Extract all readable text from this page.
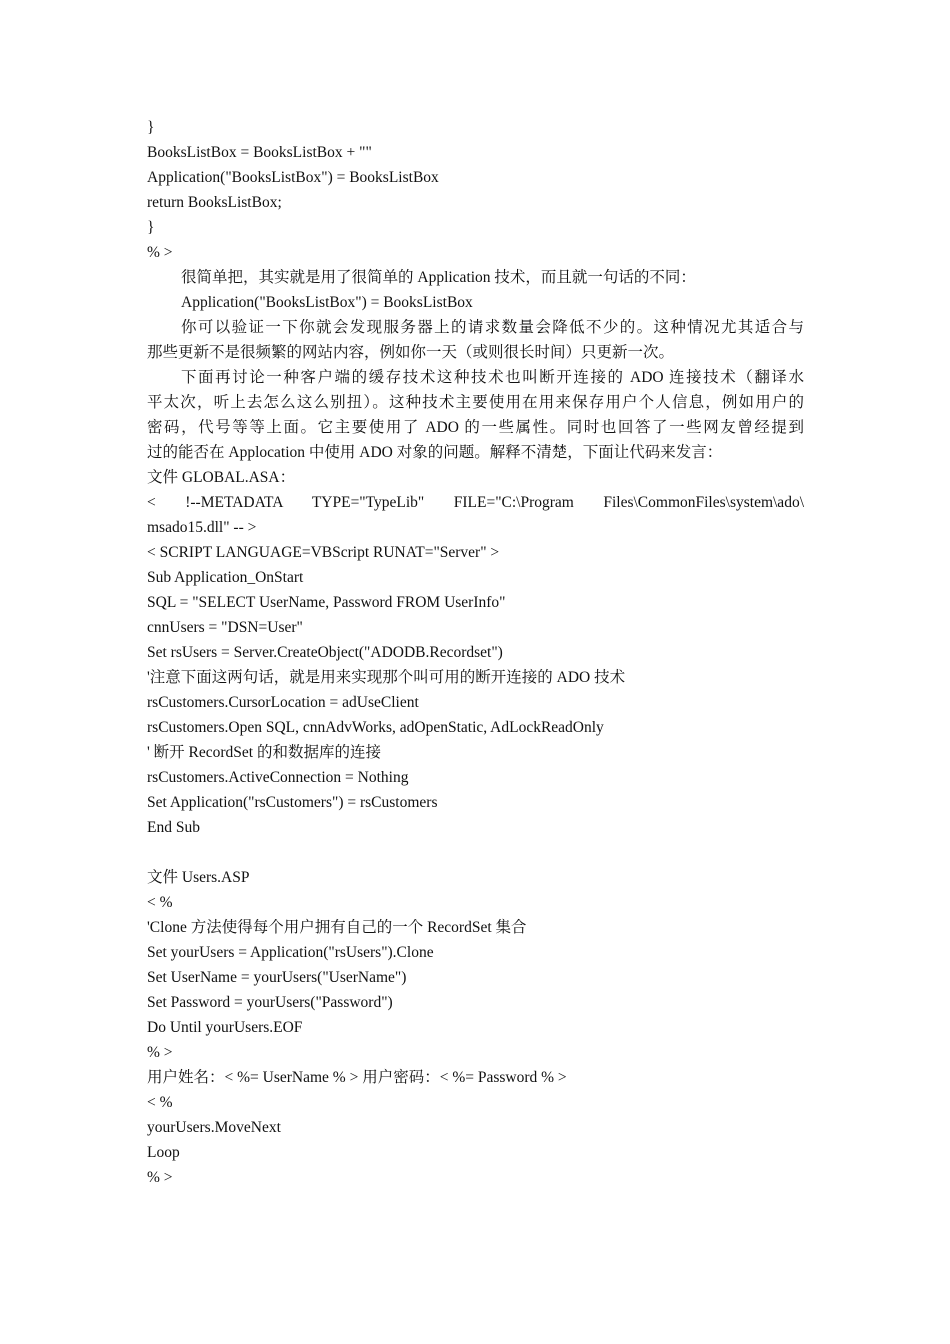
}
BooksListBox = BooksListBox + ""
Application("BooksListBox") = BooksListBox
return BooksListBox;
}
% >
很简单把，其实就是用了很简单的 Application 技术，而且就一句话的不同：
Application("BooksListBox") = BooksListBox
你可以验证一下你就会发现服务器上的请求数量会降低不少的。这种情况尤其适合与
那些更新不是很频繁的网站内容，例如你一天（或则很长时间）只更新一次。
下面再讨论一种客户端的缓存技术这种技术也叫断开连接的 ADO 连接技术（翻译水
平太次，听上去怎么这么别扭）。这种技术主要使用在用来保存用户个人信息，例如用户的
密码，代号等等上面。它主要使用了 ADO 的一些属性。同时也回答了一些网友曾经提到
过的能否在 Applocation 中使用 ADO 对象的问题。解释不清楚，下面让代码来发言：
文件 GLOBAL.ASA：
< !--METADATA TYPE="TypeLib" FILE="C:\Program Files\CommonFiles\system\ado\
msado15.dll" -- >
< SCRIPT LANGUAGE=VBScript RUNAT="Server" >
Sub Application_OnStart
SQL = "SELECT UserName, Password FROM UserInfo"
cnnUsers = "DSN=User"
Set rsUsers = Server.CreateObject("ADODB.Recordset")
'注意下面这两句话，就是用来实现那个叫可用的断开连接的 ADO 技术
rsCustomers.CursorLocation = adUseClient
rsCustomers.Open SQL, cnnAdvWorks, adOpenStatic, AdLockReadOnly
' 断开 RecordSet 的和数据库的连接
rsCustomers.ActiveConnection = Nothing
Set Application("rsCustomers") = rsCustomers
End Sub
文件 Users.ASP
< %
'Clone 方法使得每个用户拥有自己的一个 RecordSet 集合
Set yourUsers = Application("rsUsers").Clone
Set UserName = yourUsers("UserName")
Set Password = yourUsers("Password")
Do Until yourUsers.EOF
% >
用户姓名：< %= UserName % > 用户密码：< %= Password % >
< %
yourUsers.MoveNext
Loop
% >
